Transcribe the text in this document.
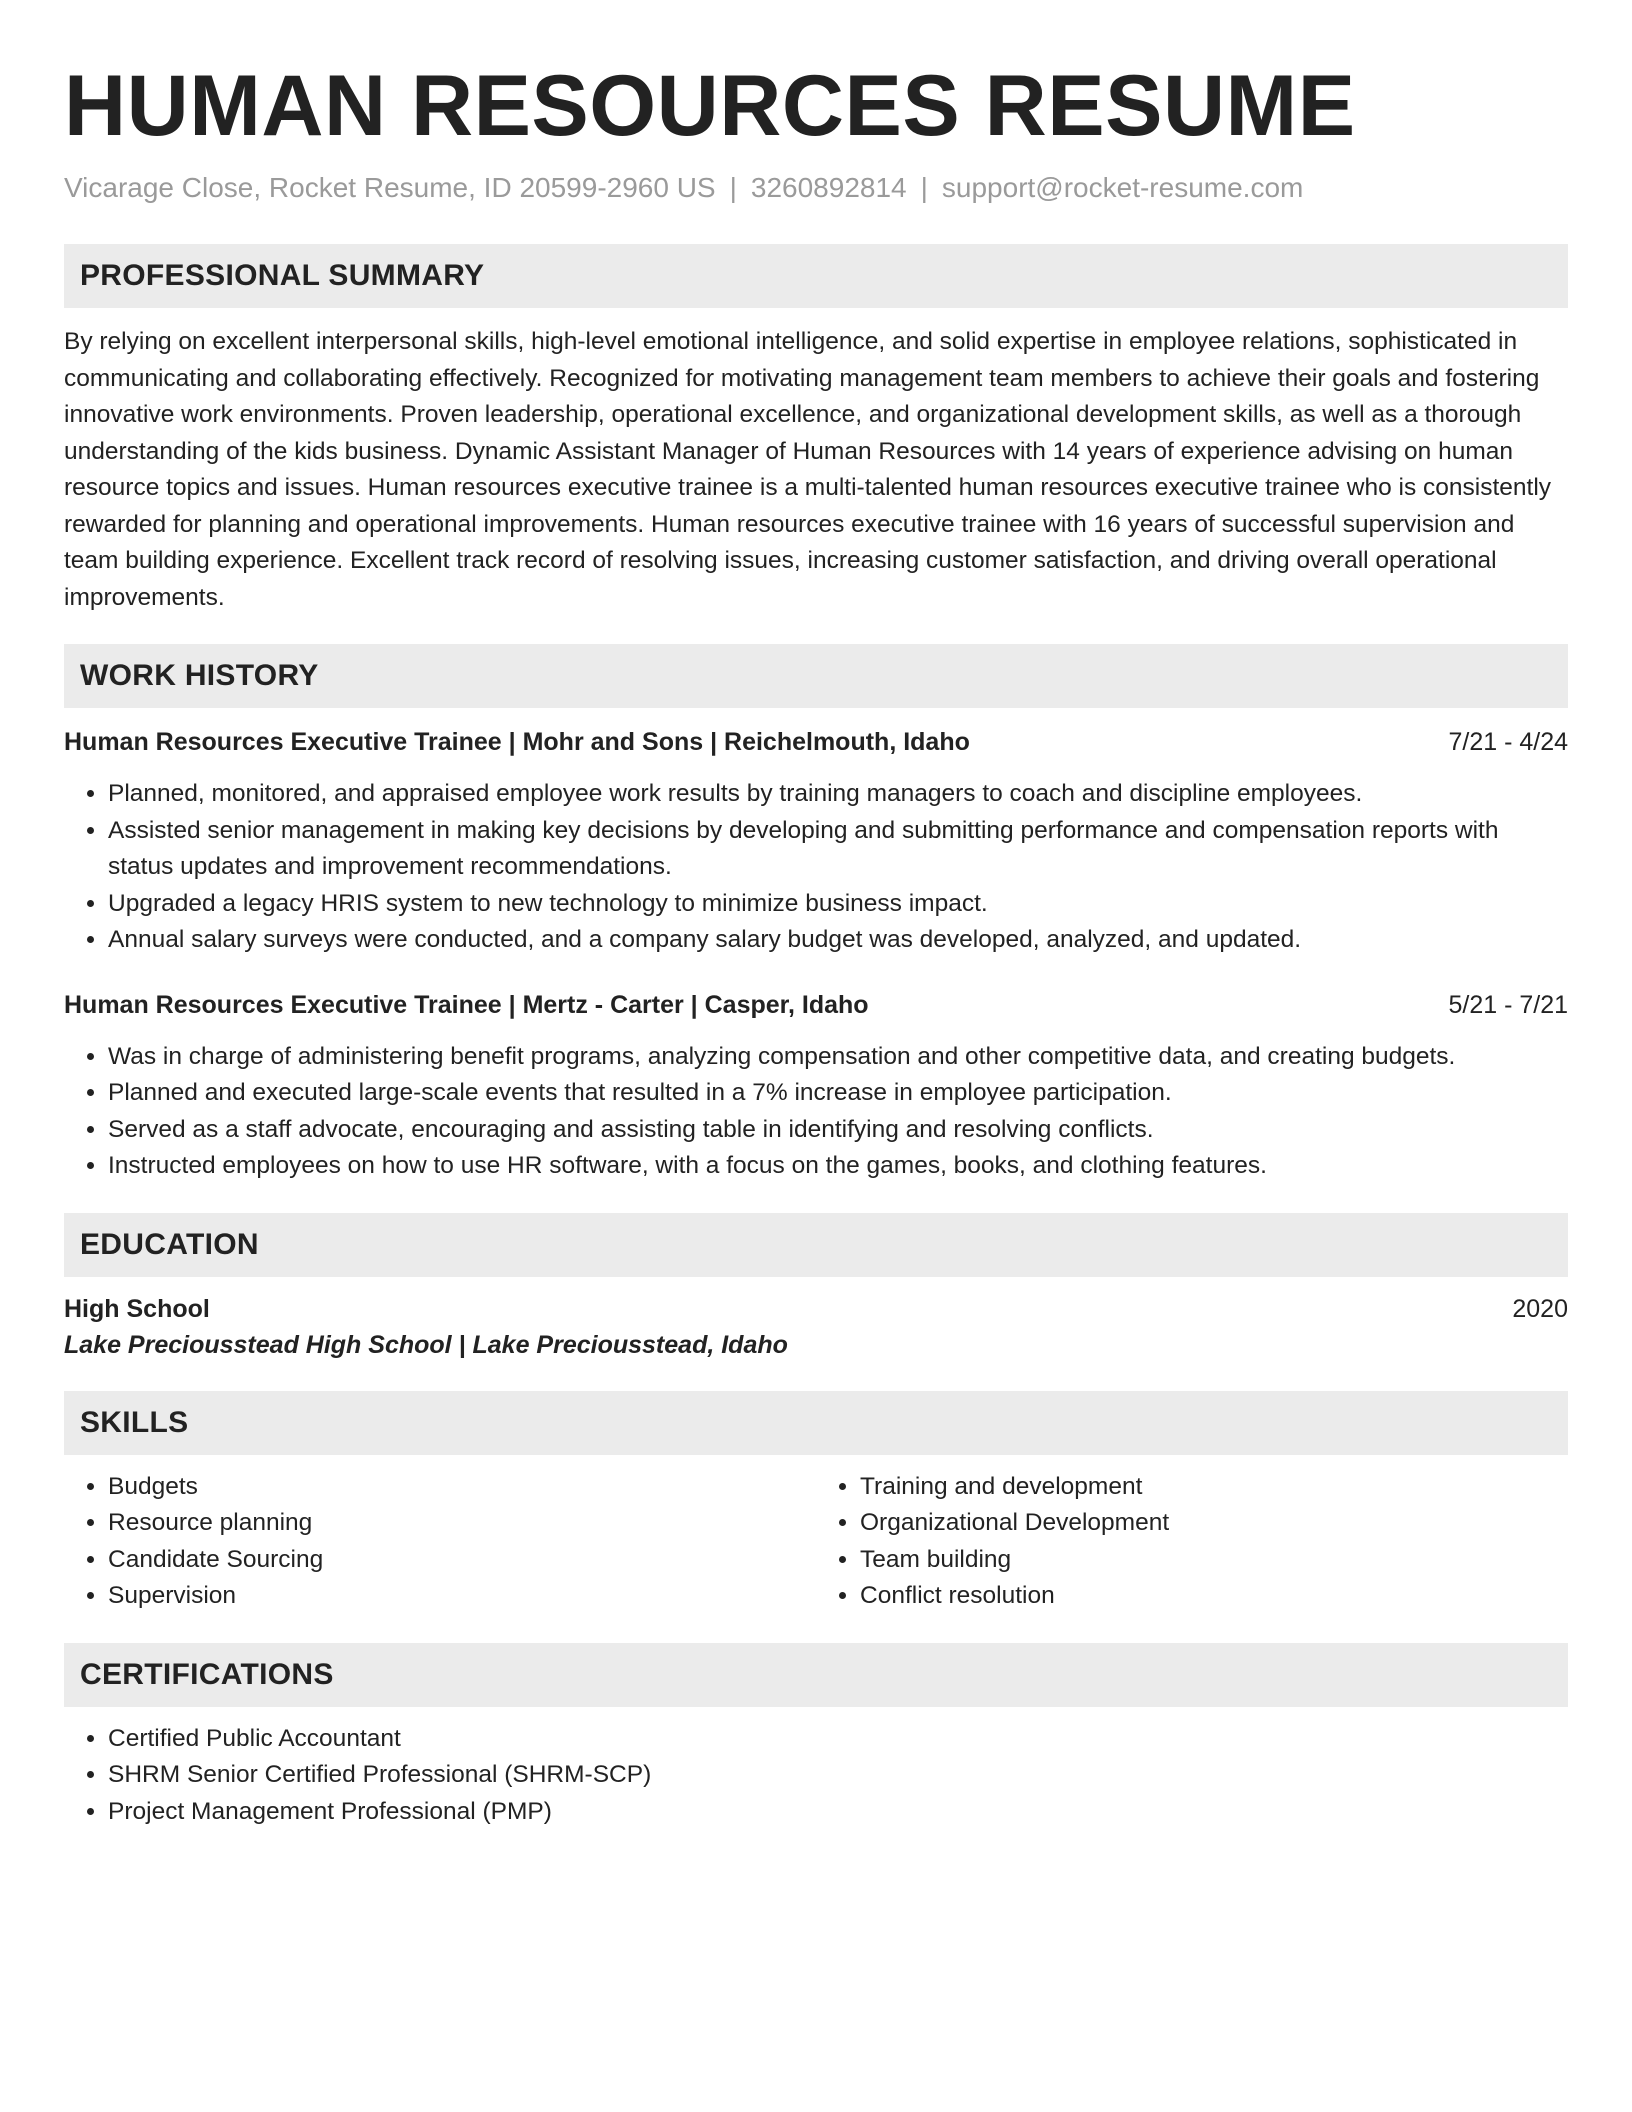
HUMAN RESOURCES RESUME
Vicarage Close, Rocket Resume, ID 20599-2960 US | 3260892814 | support@rocket-resume.com
PROFESSIONAL SUMMARY

By relying on excellent interpersonal skills, high-level emotional intelligence, and solid expertise in employee relations, sophisticated in communicating and collaborating effectively. Recognized for motivating management team members to achieve their goals and fostering innovative work environments. Proven leadership, operational excellence, and organizational development skills, as well as a thorough understanding of the kids business. Dynamic Assistant Manager of Human Resources with 14 years of experience advising on human resource topics and issues. Human resources executive trainee is a multi-talented human resources executive trainee who is consistently rewarded for planning and operational improvements. Human resources executive trainee with 16 years of successful supervision and team building experience. Excellent track record of resolving issues, increasing customer satisfaction, and driving overall operational improvements.

WORK HISTORY
Human Resources Executive Trainee | Mohr and Sons | Reichelmouth, Idaho	7/21 - 4/24
• Planned, monitored, and appraised employee work results by training managers to coach and discipline employees.
• Assisted senior management in making key decisions by developing and submitting performance and compensation reports with status updates and improvement recommendations.
• Upgraded a legacy HRIS system to new technology to minimize business impact.
• Annual salary surveys were conducted, and a company salary budget was developed, analyzed, and updated.
Human Resources Executive Trainee | Mertz - Carter | Casper, Idaho	5/21 - 7/21
• Was in charge of administering benefit programs, analyzing compensation and other competitive data, and creating budgets.
• Planned and executed large-scale events that resulted in a 7% increase in employee participation.
• Served as a staff advocate, encouraging and assisting table in identifying and resolving conflicts.
• Instructed employees on how to use HR software, with a focus on the games, books, and clothing features.
EDUCATION
High School	2020
Lake Preciousstead High School | Lake Preciousstead, Idaho
SKILLS
• Budgets
• Resource planning
• Candidate Sourcing
• Supervision
• Training and development
• Organizational Development
• Team building
• Conflict resolution
CERTIFICATIONS
• Certified Public Accountant
• SHRM Senior Certified Professional (SHRM-SCP)
• Project Management Professional (PMP)
